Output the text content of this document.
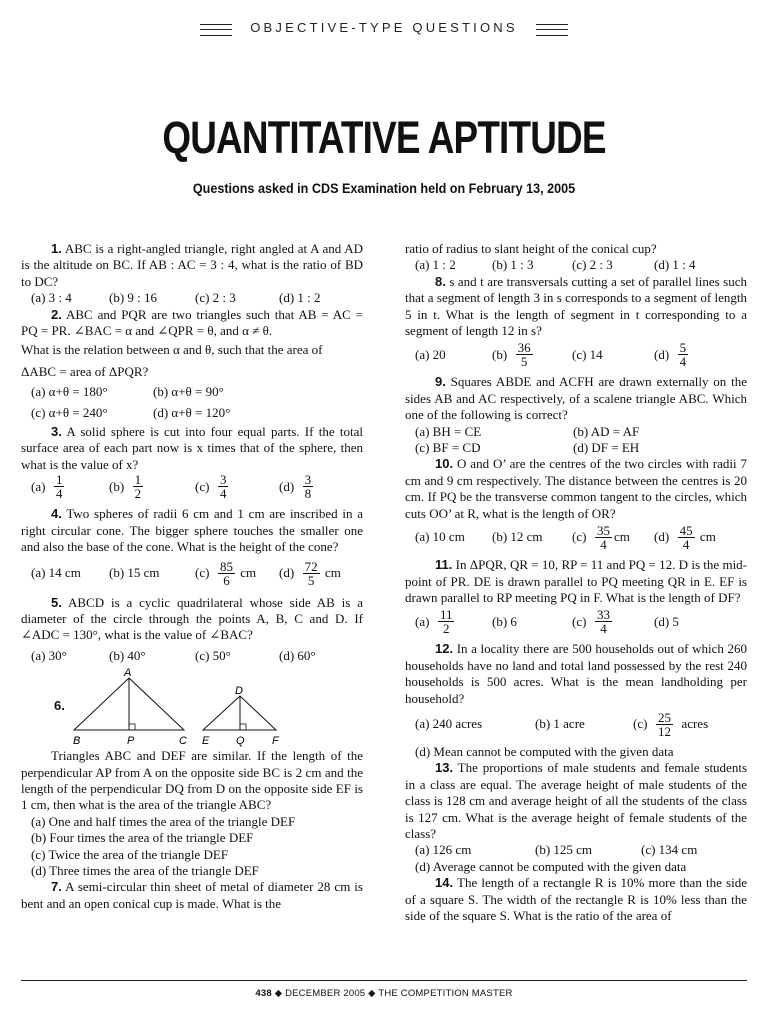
OBJECTIVE-TYPE QUESTIONS
QUANTITATIVE APTITUDE
Questions asked in CDS Examination held on February 13, 2005

1. ABC is a right-angled triangle, right angled at A and AD is the altitude on BC. If AB : AC = 3 : 4, what is the ratio of BD to DC?

(a) 3 : 4	(b) 9 : 16	(c) 2 : 3	(d) 1 : 2

2. ABC and PQR are two triangles such that AB = AC = PQ = PR. ∠BAC = α and ∠QPR = θ, and α ≠ θ.

What is the relation between α and θ, such that the area of

ΔABC = area of ΔPQR?

(a) α+θ = 180°	(b) α+θ = 90°
(c) α+θ = 240°	(d) α+θ = 120°

3. A solid sphere is cut into four equal parts. If the total surface area of each part now is x times that of the sphere, then what is the value of x?

(a)
$\frac{1}{4}$	(b)
$\frac{1}{2}$	(c)
$\frac{3}{4}$	(d)
$\frac{3}{8}$

4. Two spheres of radii 6 cm and 1 cm are inscribed in a right circular cone. The bigger sphere touches the smaller one and also the base of the cone. What is the height of the cone?

(a) 14 cm	(b) 15 cm	(c)
$\frac{85}{6}$
cm (d)
$\frac{72}{5}$
cm

5. ABCD is a cyclic quadrilateral whose side AB is a diameter of the circle through the points A, B, C and D. If ∠ADC = 130°, what is the value of ∠BAC?

(a) 30°	(b) 40°	(c) 50°	(d) 60°
6.
A
B	P	C
D
E Q F

Triangles ABC and DEF are similar. If the length of the perpendicular AP from A on the opposite side BC is 2 cm and the length of the perpendicular DQ from D on the opposite side EF is 1 cm, then what is the area of the triangle ABC?

(a) One and half times the area of the triangle DEF

(b) Four times the area of the triangle DEF

(c) Twice the area of the triangle DEF

(d) Three times the area of the triangle DEF

7. A semi-circular thin sheet of metal of diameter 28 cm is bent and an open conical cup is made. What is the

ratio of radius to slant height of the conical cup?

(a) 1 : 2	(b) 1 : 3	(c) 2 : 3	(d) 1 : 4

8. s and t are transversals cutting a set of parallel lines such that a segment of length 3 in s corresponds to a segment of length 5 in t. What is the length of segment in t corresponding to a segment of length 12 in s?

(a) 20	(b)
$\frac{36}{5}$	(c) 14	(d)
$\frac{5}{4}$

9. Squares ABDE and ACFH are drawn externally on the sides AB and AC respectively, of a scalene triangle ABC. Which one of the following is correct?

(a) BH = CE	(b) AD = AF
(c) BF = CD	(d) DF = EH

10. O and O’ are the centres of the two circles with radii 7 cm and 9 cm respectively. The distance between the centres is 20 cm. If PQ be the transverse common tangent to the circles, which cuts OO’ at R, what is the length of OR?

(a) 10 cm (b) 12 cm (c)
$\frac{35}{4}$ cm (d)
$\frac{45}{4}$
cm

11. In ΔPQR, QR = 10, RP = 11 and PQ = 12. D is the mid-point of PR. DE is drawn parallel to PQ meeting QR in E. EF is drawn parallel to RP meeting PQ in F. What is the length of DF?

(a)
$\frac{11}{2}$	(b) 6	(c)
$\frac{33}{4}$	(d) 5

12. In a locality there are 500 households out of which 260 households have no land and total land possessed by the rest 240 households is 500 acres. What is the mean landholding per household?

(a) 240 acres	(b) 1 acre	(c)
$\frac{25}{12}$
acres

(d) Mean cannot be computed with the given data

13. The proportions of male students and female students in a class are equal. The average height of male students of the class is 128 cm and average height of all the students of the class is 127 cm. What is the average height of female students of the class?

(a) 126 cm	(b) 125 cm	(c) 134 cm

(d) Average cannot be computed with the given data

14. The length of a rectangle R is 10% more than the side of a square S. The width of the rectangle R is 10% less than the side of the square S. What is the ratio of the area of

438 ◆ DECEMBER 2005 ◆ THE COMPETITION MASTER
